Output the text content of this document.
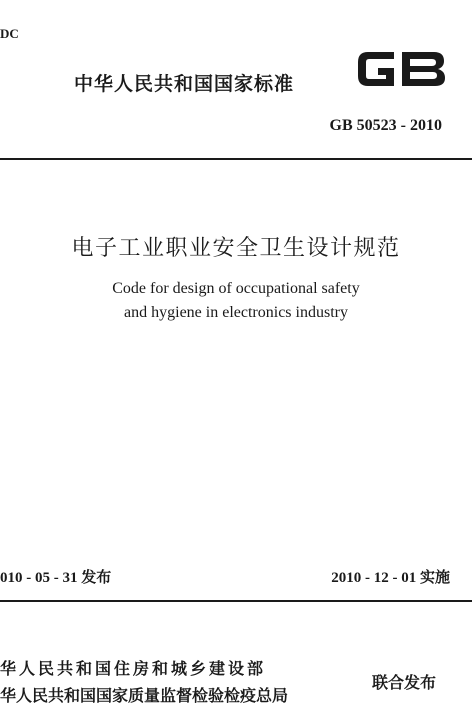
DC
中华人民共和国国家标准
GB 50523 - 2010
电子工业职业安全卫生设计规范
Code for design of occupational safety
and hygiene in electronics industry
010 - 05 - 31 发布	2010 - 12 - 01 实施
华人民共和国住房和城乡建设部
华人民共和国国家质量监督检验检疫总局
联合发布
